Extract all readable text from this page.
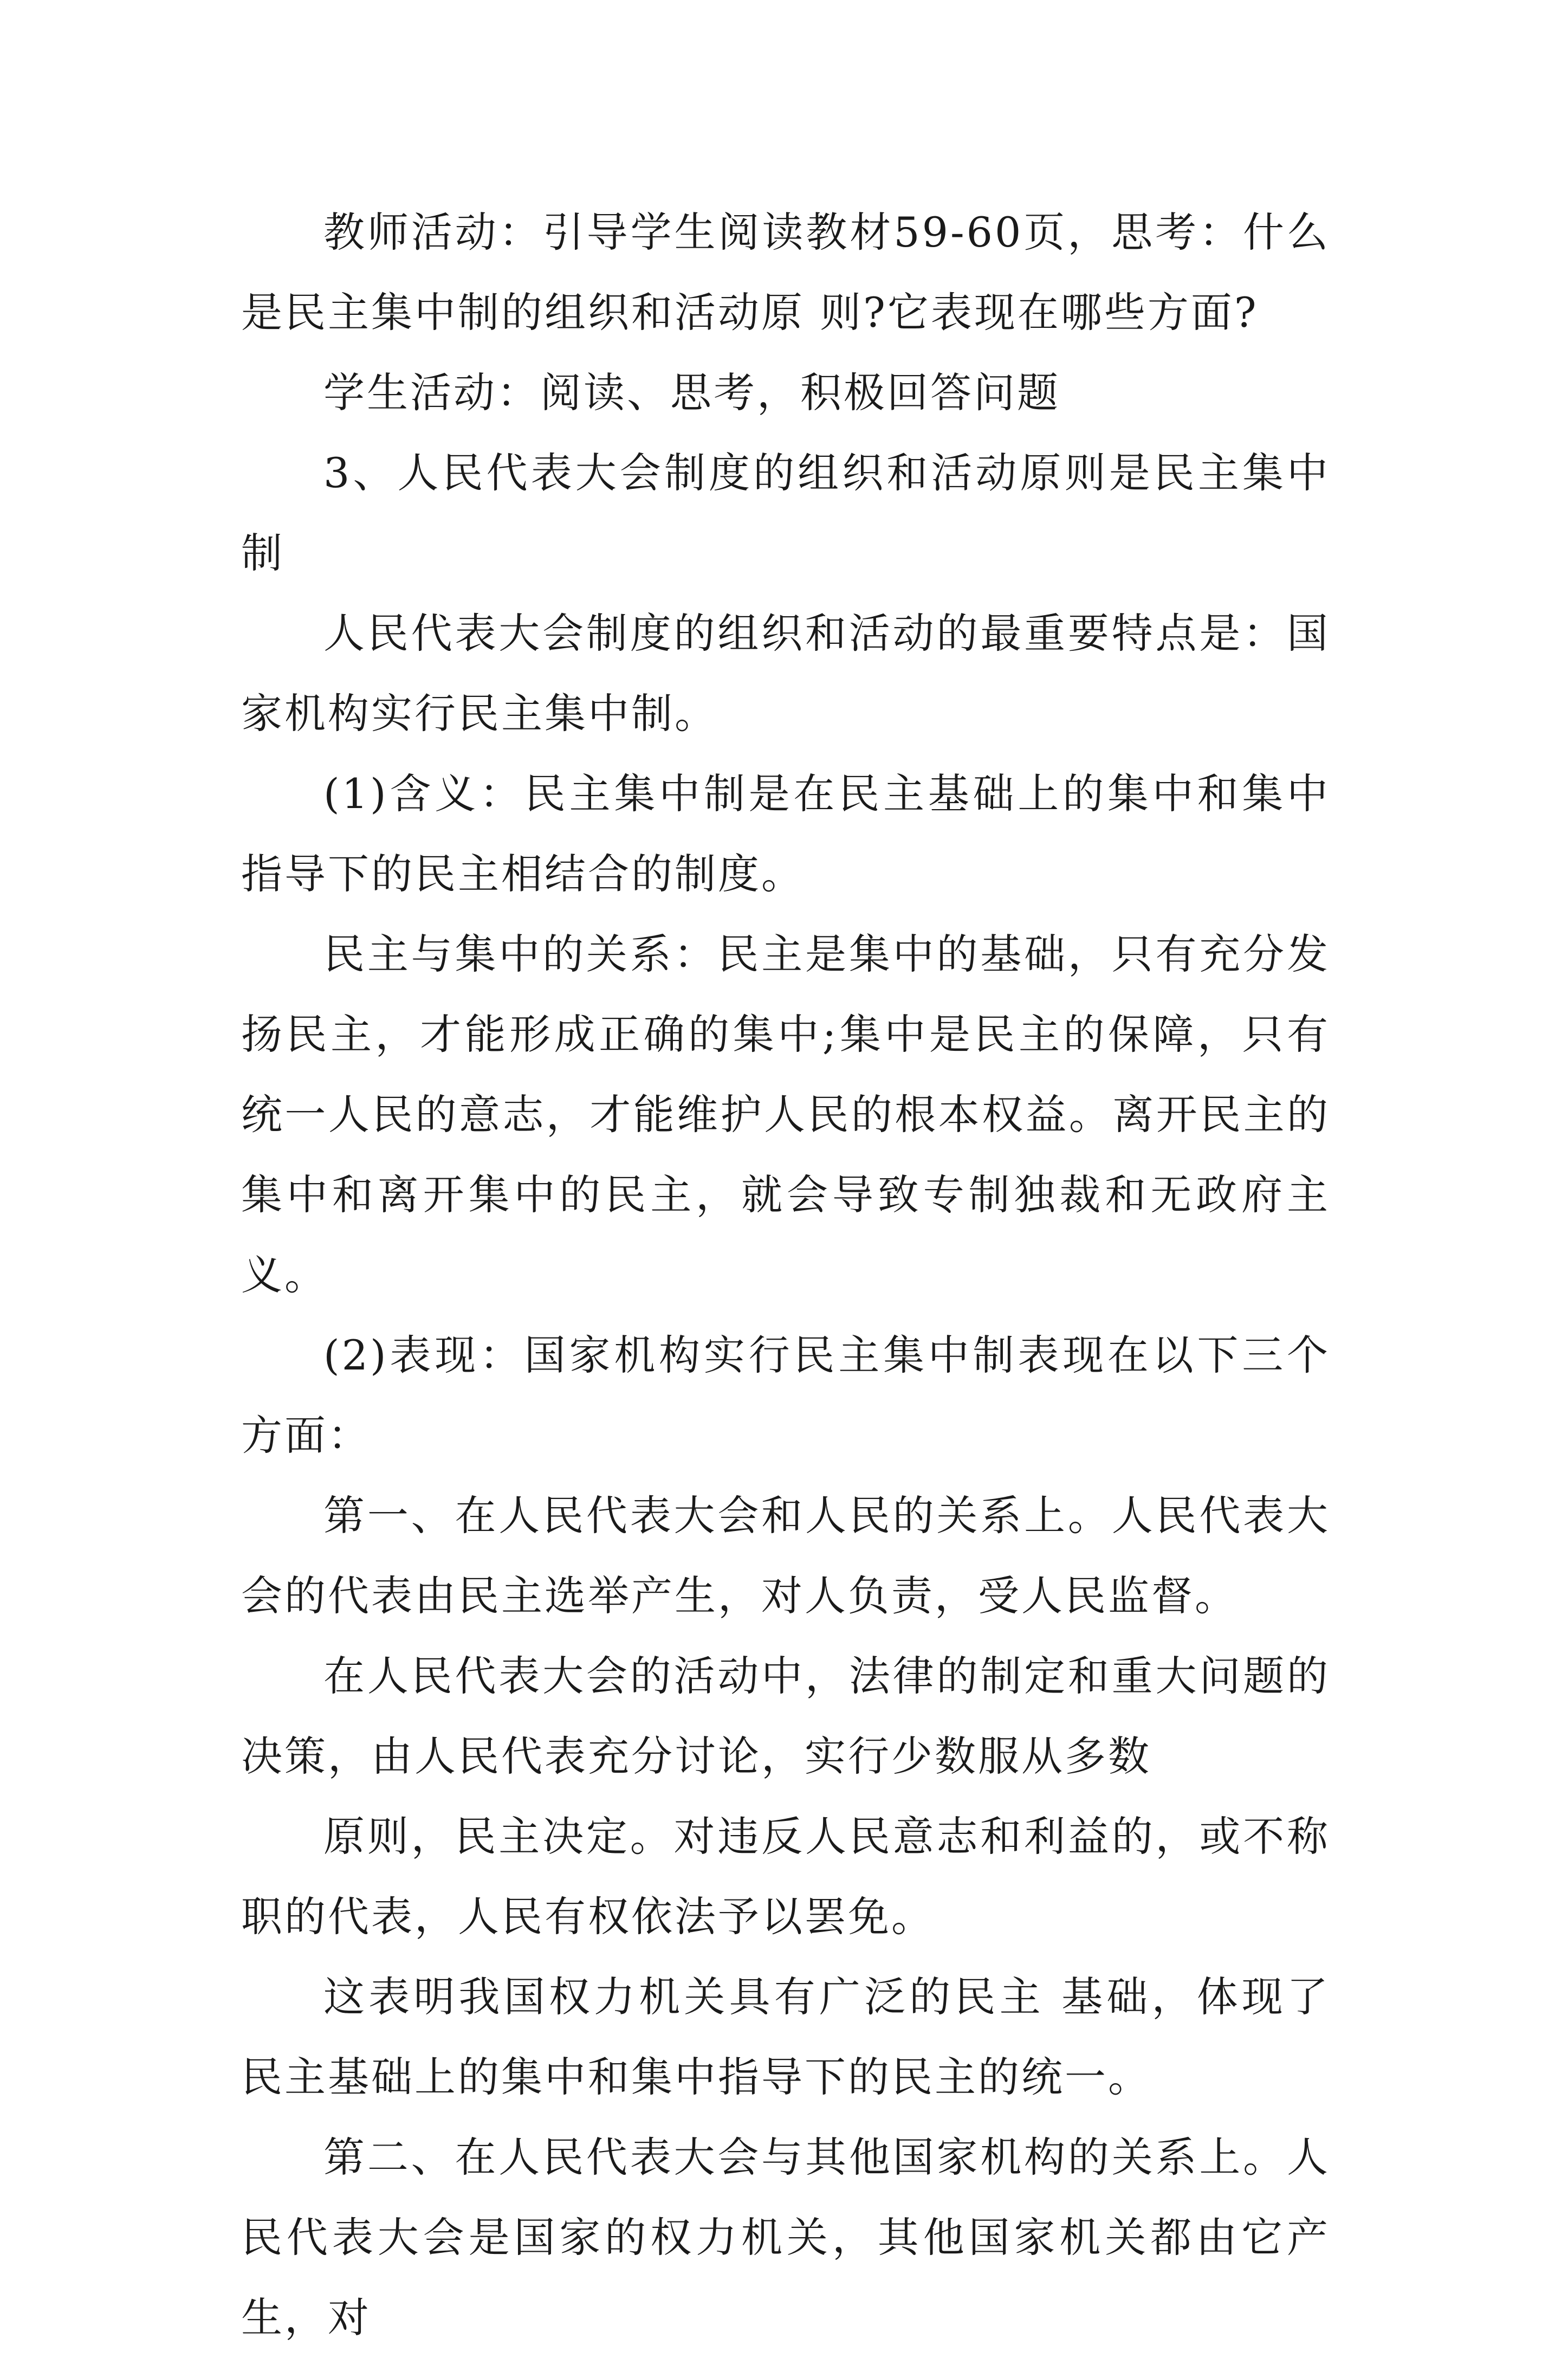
教师活动：引导学生阅读教材59-60页，思考：什么是民主集中制的组织和活动原 则?它表现在哪些方面?

学生活动：阅读、思考，积极回答问题

3、人民代表大会制度的组织和活动原则是民主集中制

人民代表大会制度的组织和活动的最重要特点是：国家机构实行民主集中制。

(1)含义：民主集中制是在民主基础上的集中和集中指导下的民主相结合的制度。

民主与集中的关系：民主是集中的基础，只有充分发扬民主，才能形成正确的集中;集中是民主的保障，只有统一人民的意志，才能维护人民的根本权益。离开民主的集中和离开集中的民主，就会导致专制独裁和无政府主义。

(2)表现：国家机构实行民主集中制表现在以下三个方面：

第一、在人民代表大会和人民的关系上。人民代表大会的代表由民主选举产生，对人负责，受人民监督。

在人民代表大会的活动中，法律的制定和重大问题的决策，由人民代表充分讨论，实行少数服从多数

原则，民主决定。对违反人民意志和利益的，或不称职的代表，人民有权依法予以罢免。

这表明我国权力机关具有广泛的民主 基础，体现了民主基础上的集中和集中指导下的民主的统一。

第二、在人民代表大会与其他国家机构的关系上。人民代表大会是国家的权力机关，其他国家机关都由它产生，对
